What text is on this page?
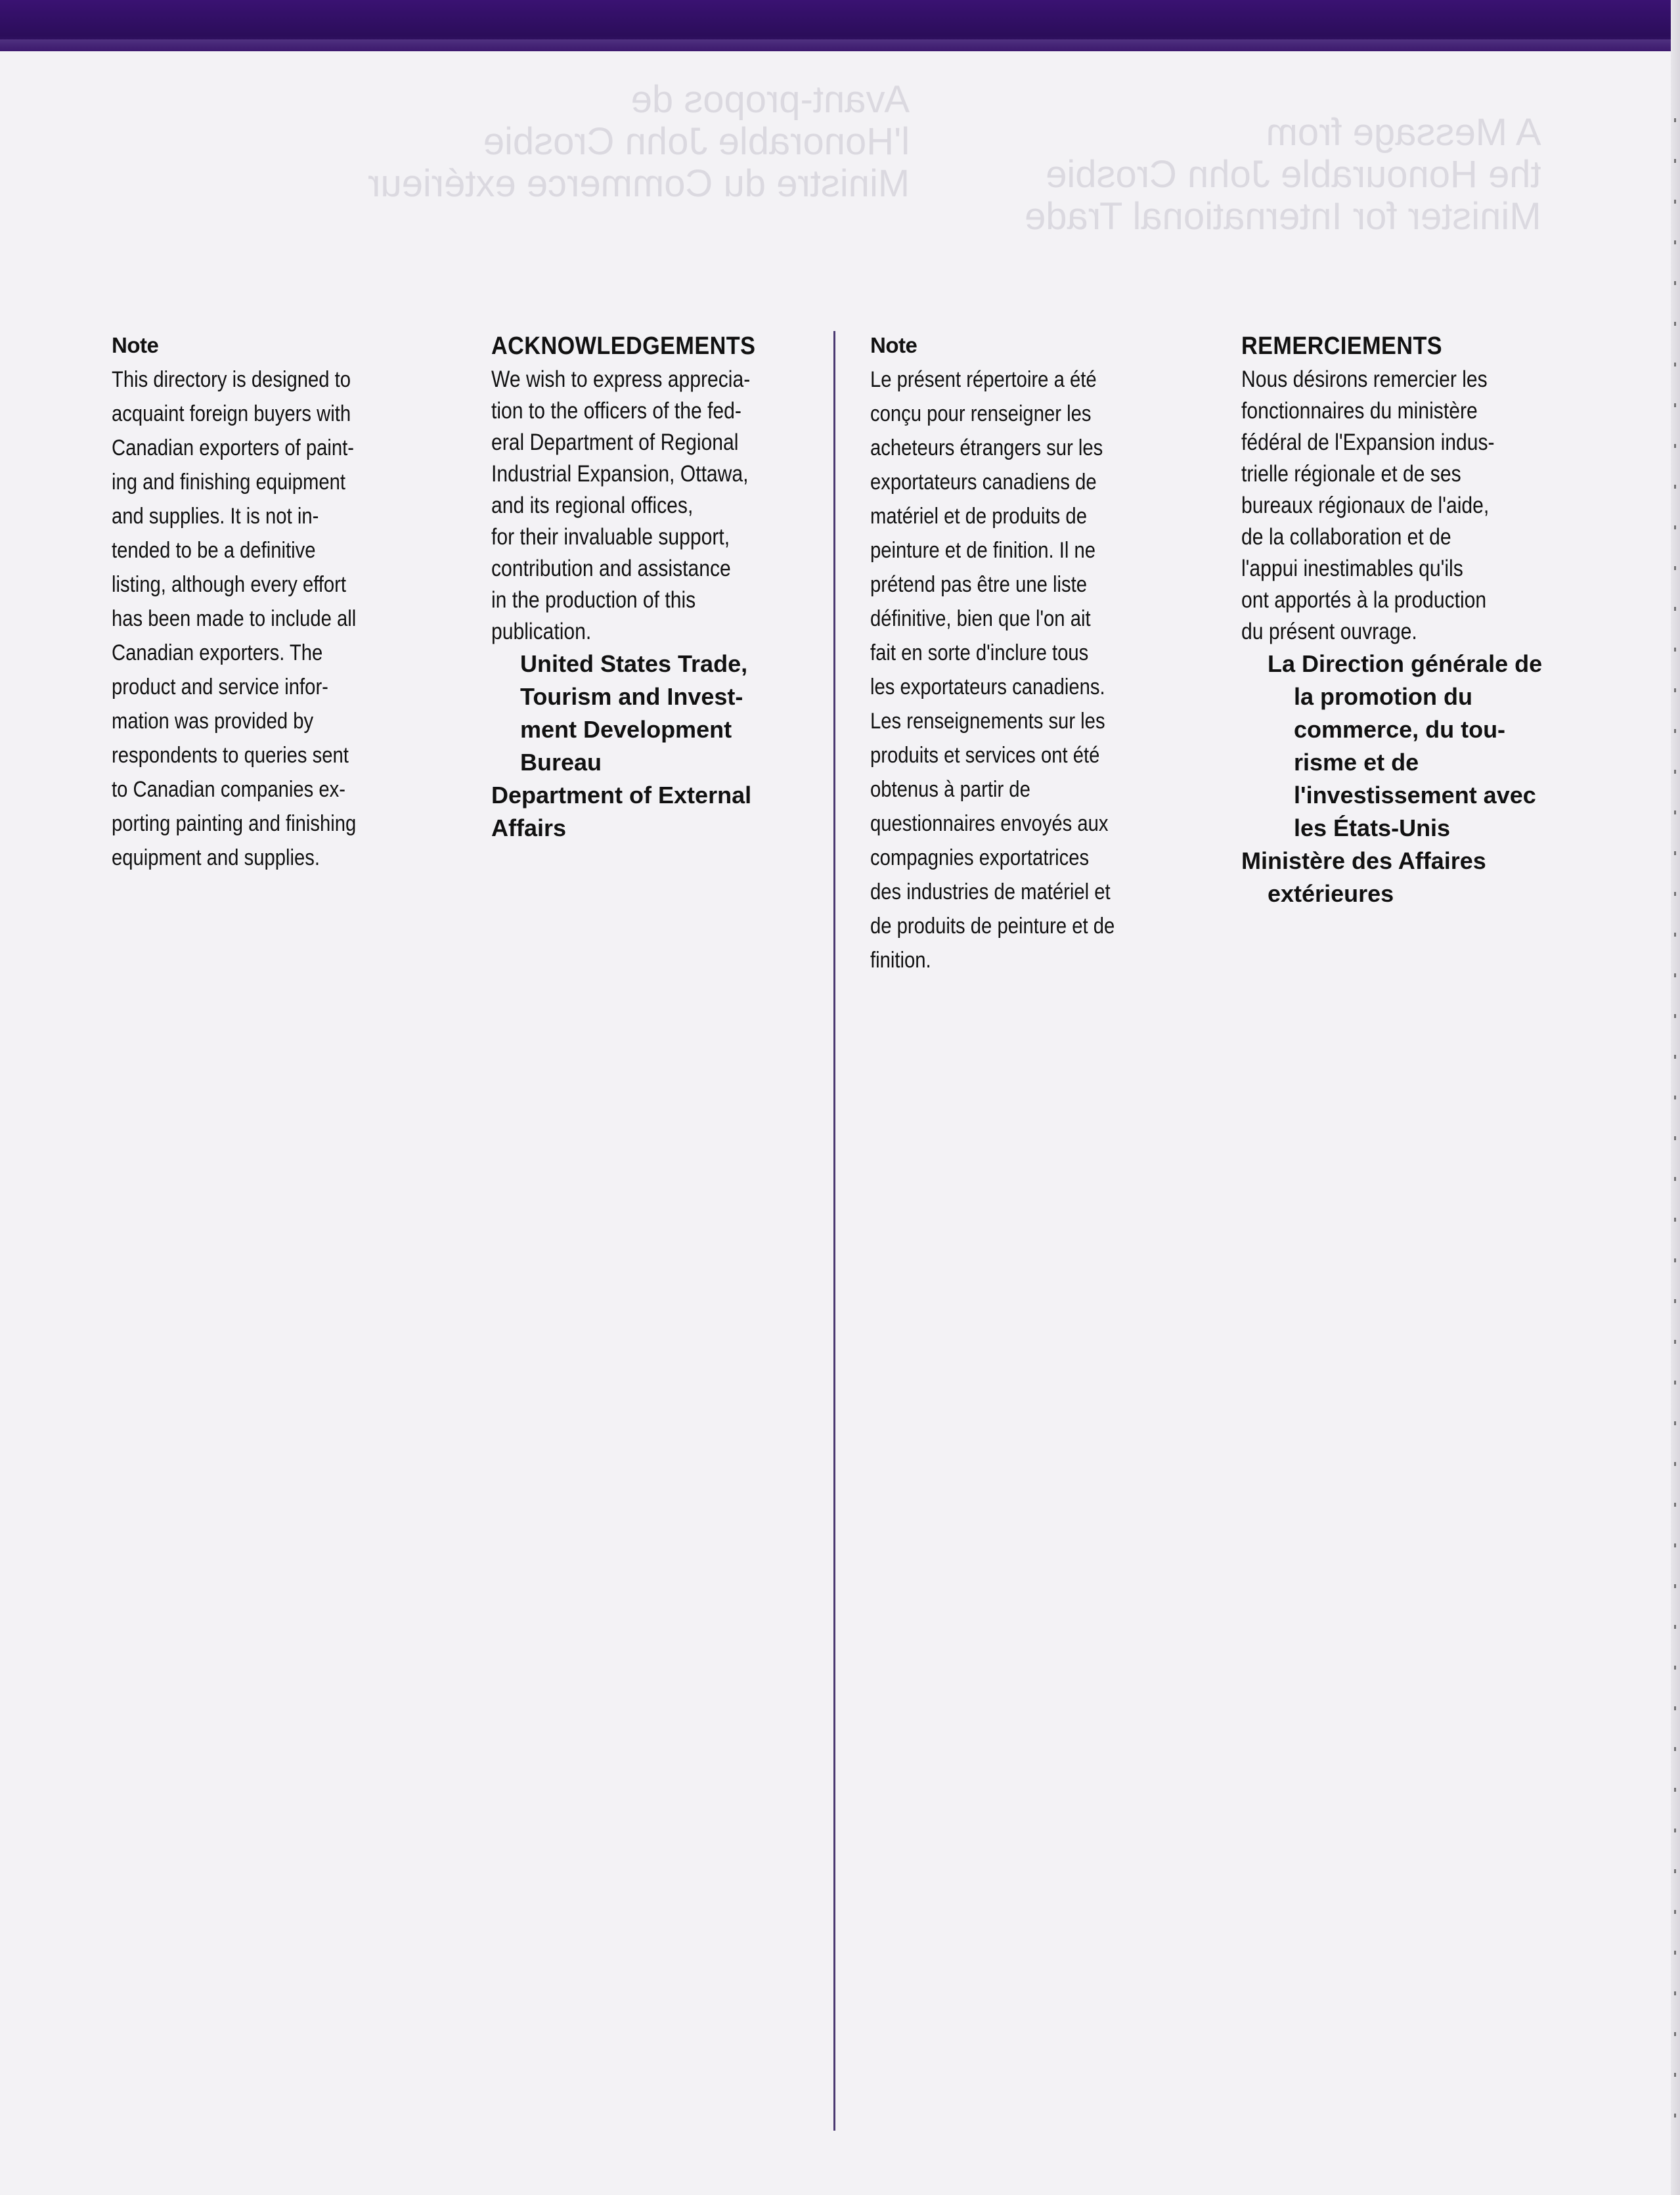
Avant-propos de
l'Honorable John Crosbie
Ministre du Commerce extérieur
A Message from
the Honourable John Crosbie
Minister for International Trade

Note

This directory is designed to
acquaint foreign buyers with
Canadian exporters of paint-
ing and finishing equipment
and supplies. It is not in-
tended to be a definitive
listing, although every effort
has been made to include all
Canadian exporters. The
product and service infor-
mation was provided by
respondents to queries sent
to Canadian companies ex-
porting painting and finishing
equipment and supplies.

ACKNOWLEDGEMENTS

We wish to express apprecia-
tion to the officers of the fed-
eral Department of Regional
Industrial Expansion, Ottawa,
and its regional offices,
for their invaluable support,
contribution and assistance
in the production of this
publication.

United States Trade,
Tourism and Invest-
ment Development
Bureau

Department of External
Affairs

Note

Le présent répertoire a été
conçu pour renseigner les
acheteurs étrangers sur les
exportateurs canadiens de
matériel et de produits de
peinture et de finition. Il ne
prétend pas être une liste
définitive, bien que l'on ait
fait en sorte d'inclure tous
les exportateurs canadiens.
Les renseignements sur les
produits et services ont été
obtenus à partir de
questionnaires envoyés aux
compagnies exportatrices
des industries de matériel et
de produits de peinture et de
finition.

REMERCIEMENTS

Nous désirons remercier les
fonctionnaires du ministère
fédéral de l'Expansion indus-
trielle régionale et de ses
bureaux régionaux de l'aide,
de la collaboration et de
l'appui inestimables qu'ils
ont apportés à la production
du présent ouvrage.

La Direction générale de
la promotion du
commerce, du tou-
risme et de
l'investissement avec
les États-Unis

Ministère des Affaires
extérieures
